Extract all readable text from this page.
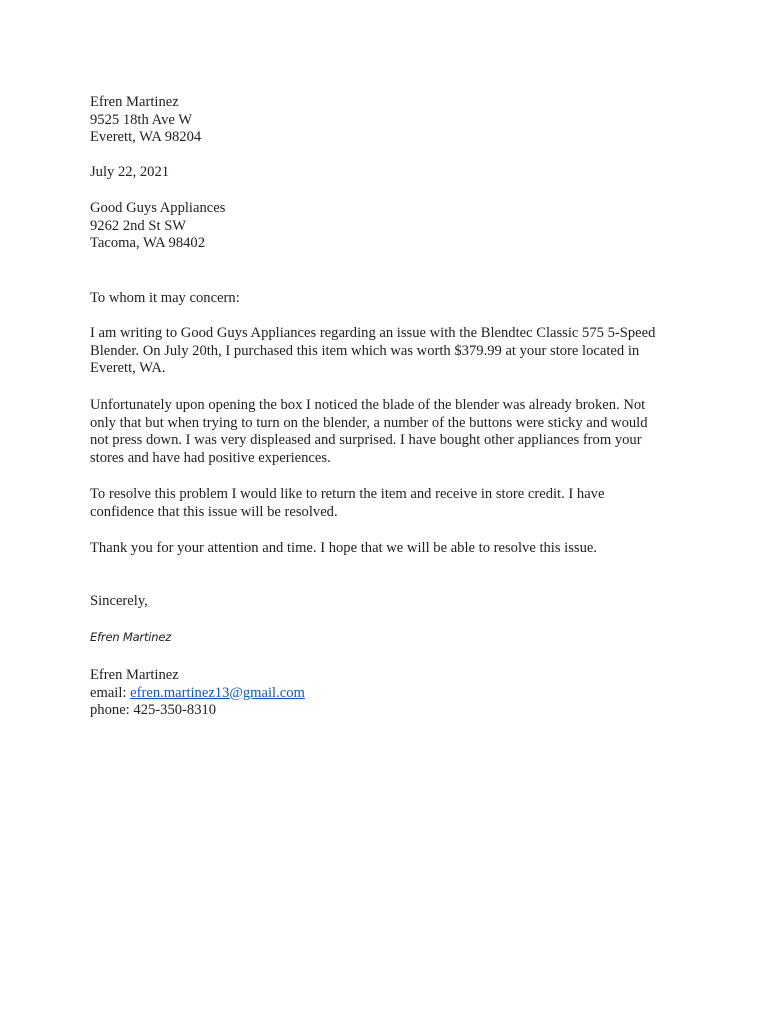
Efren Martinez
9525 18th Ave W
Everett, WA 98204
July 22, 2021
Good Guys Appliances
9262 2nd St SW
Tacoma, WA 98402
To whom it may concern:
I am writing to Good Guys Appliances regarding an issue with the Blendtec Classic 575 5-Speed
Blender. On July 20th, I purchased this item which was worth $379.99 at your store located in
Everett, WA.
Unfortunately upon opening the box I noticed the blade of the blender was already broken. Not
only that but when trying to turn on the blender, a number of the buttons were sticky and would
not press down. I was very displeased and surprised. I have bought other appliances from your
stores and have had positive experiences.
To resolve this problem I would like to return the item and receive in store credit. I have
confidence that this issue will be resolved.
Thank you for your attention and time. I hope that we will be able to resolve this issue.
Sincerely,
Efren Martinez
Efren Martinez
email: efren.martinez13@gmail.com
phone: 425-350-8310
